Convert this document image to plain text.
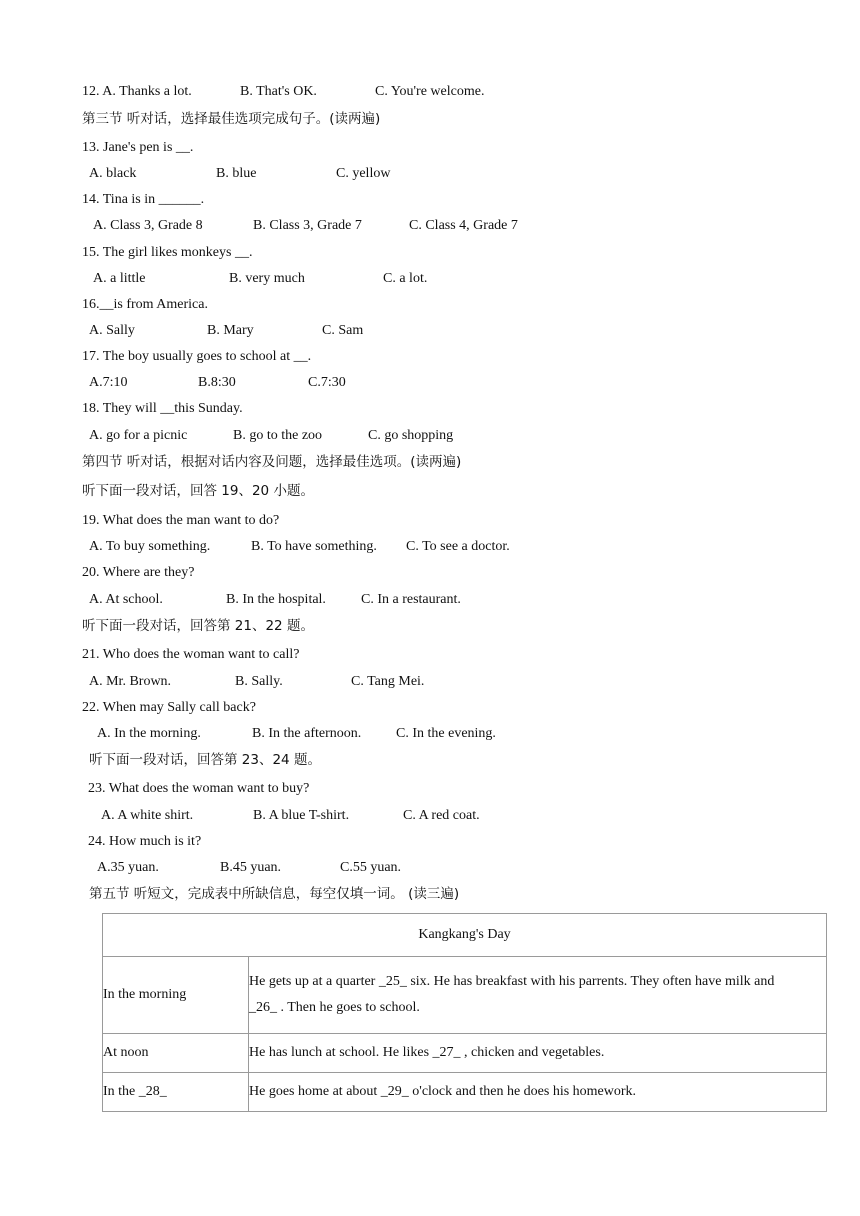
12. A. Thanks a lot.	B. That's OK.	C. You're welcome.
第三节 听对话，选择最佳选项完成句子。(读两遍)
13. Jane's pen is __.
A. black	B. blue	C. yellow
14. Tina is in ______.
A. Class 3, Grade 8	B. Class 3, Grade 7	C. Class 4, Grade 7
15. The girl likes monkeys __.
A. a little	B. very much	C. a lot.
16.__is from America.
A. Sally	B. Mary	C. Sam
17. The boy usually goes to school at __.
A.7:10	B.8:30	C.7:30
18. They will __this Sunday.
A. go for a picnic	B. go to the zoo	C. go shopping
第四节 听对话，根据对话内容及问题，选择最佳选项。(读两遍)
听下面一段对话，回答 19、20 小题。
19. What does the man want to do?
A. To buy something.	B. To have something. C. To see a doctor.
20. Where are they?
A. At school.	B. In the hospital.	C. In a restaurant.
听下面一段对话，回答第 21、22 题。
21. Who does the woman want to call?
A. Mr. Brown.	B. Sally.	C. Tang Mei.
22. When may Sally call back?
A. In the morning.	B. In the afternoon. C. In the evening.
听下面一段对话，回答第 23、24 题。
23. What does the woman want to buy?
A. A white shirt.	B. A blue T-shirt.	C. A red coat.
24. How much is it?
A.35 yuan.	B.45 yuan.	C.55 yuan.
第五节 听短文，完成表中所缺信息，每空仅填一词。 (读三遍)
Kangkang's Day	
In the morning	He gets up at a quarter _25_ six. He has breakfast with his parrents. They often have milk and
_26_ . Then he goes to school.

At noon	He has lunch at school. He likes _27_ , chicken and vegetables.
In the _28_	He goes home at about _29_ o'clock and then he does his homework.
